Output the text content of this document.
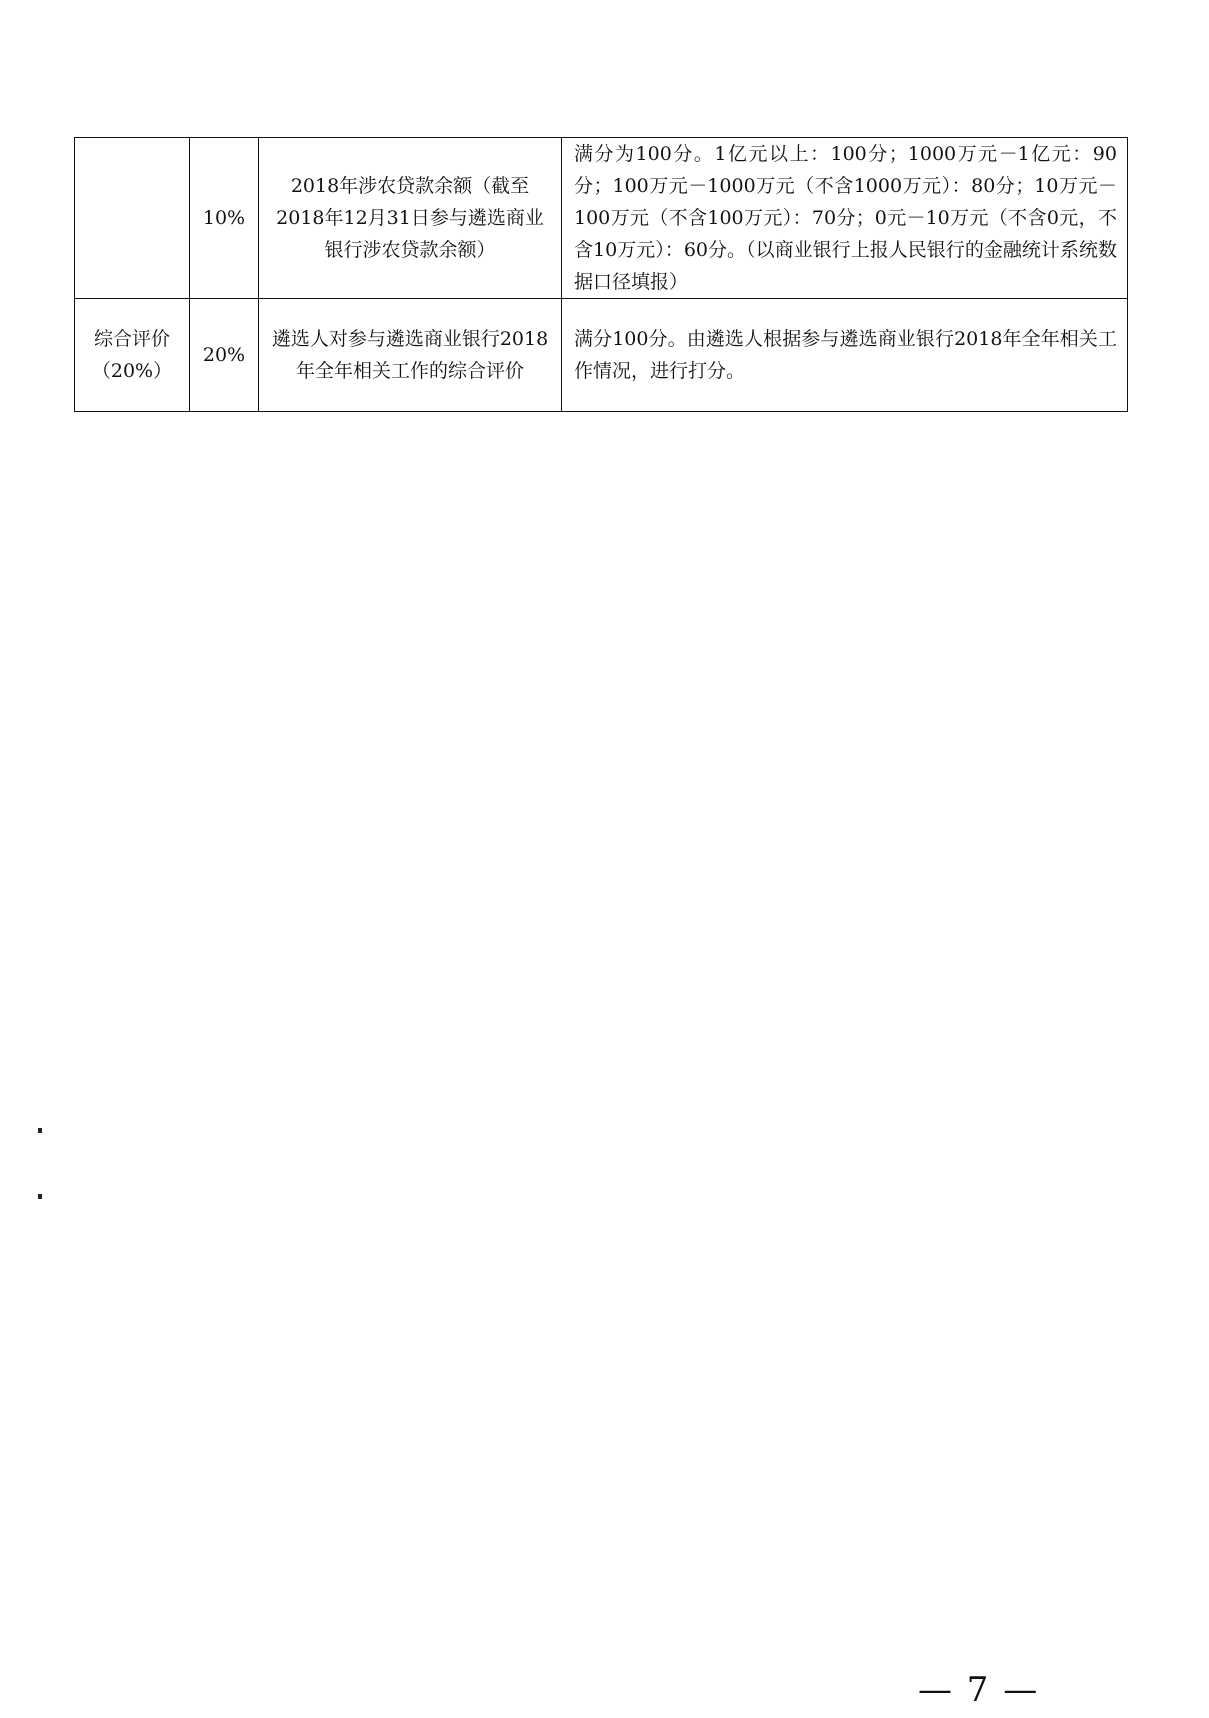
	10%	2018年涉农贷款余额（截至2018年12月31日参与遴选商业银行涉农贷款余额）	满分为100分。1亿元以上：100分；1000万元－1亿元：90分；100万元－1000万元（不含1000万元）：80分；10万元－100万元（不含100万元）：70分；0元－10万元（不含0元，不含10万元）：60分。（以商业银行上报人民银行的金融统计系统数据口径填报）

综合评价（20%）	20%	遴选人对参与遴选商业银行2018年全年相关工作的综合评价	满分100分。由遴选人根据参与遴选商业银行2018年全年相关工作情况，进行打分。
— 7 —
